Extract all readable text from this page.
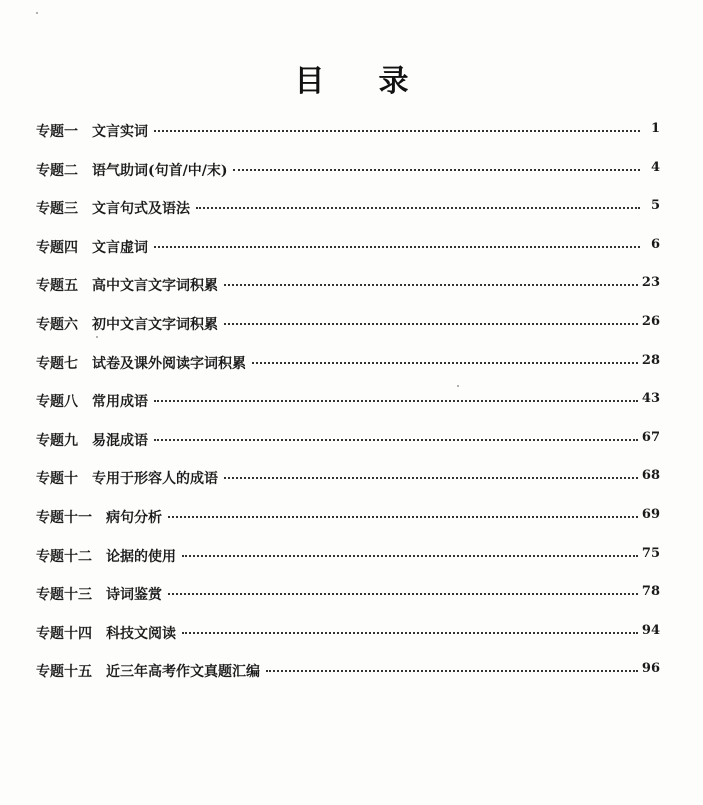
目录
专题一 文言实词	1
专题二 语气助词(句首/中/末)	4
专题三 文言句式及语法	5
专题四 文言虚词	6
专题五 高中文言文字词积累	23
专题六 初中文言文字词积累	26
专题七 试卷及课外阅读字词积累	28
专题八 常用成语	43
专题九 易混成语	67
专题十 专用于形容人的成语	68
专题十一 病句分析	69
专题十二 论据的使用	75
专题十三 诗词鉴赏	78
专题十四 科技文阅读	94
专题十五 近三年高考作文真题汇编	96
